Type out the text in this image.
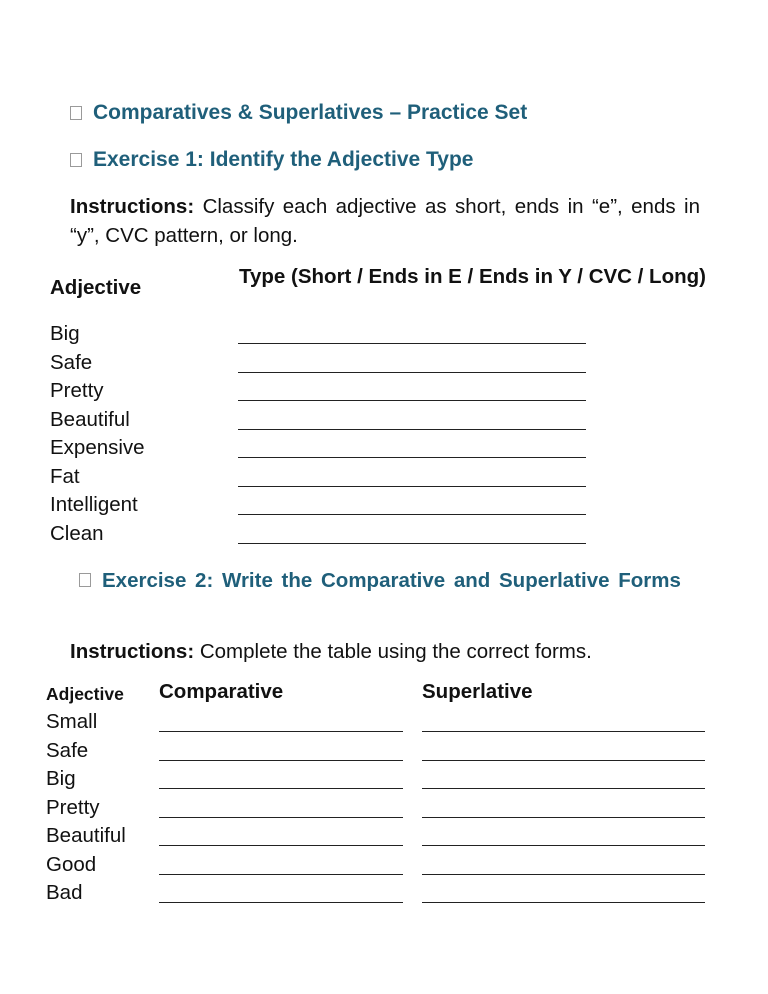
Comparatives & Superlatives – Practice Set
Exercise 1: Identify the Adjective Type
Instructions: Classify each adjective as short, ends in “e”, ends in “y”, CVC pattern, or long.
Adjective	Type (Short / Ends in E / Ends in Y / CVC / Long)
Big
Safe
Pretty
Beautiful
Expensive
Fat
Intelligent
Clean
Exercise 2: Write the Comparative and Superlative Forms
Instructions: Complete the table using the correct forms.
Adjective Comparative	Superlative
Small
Safe
Big
Pretty
Beautiful
Good
Bad
